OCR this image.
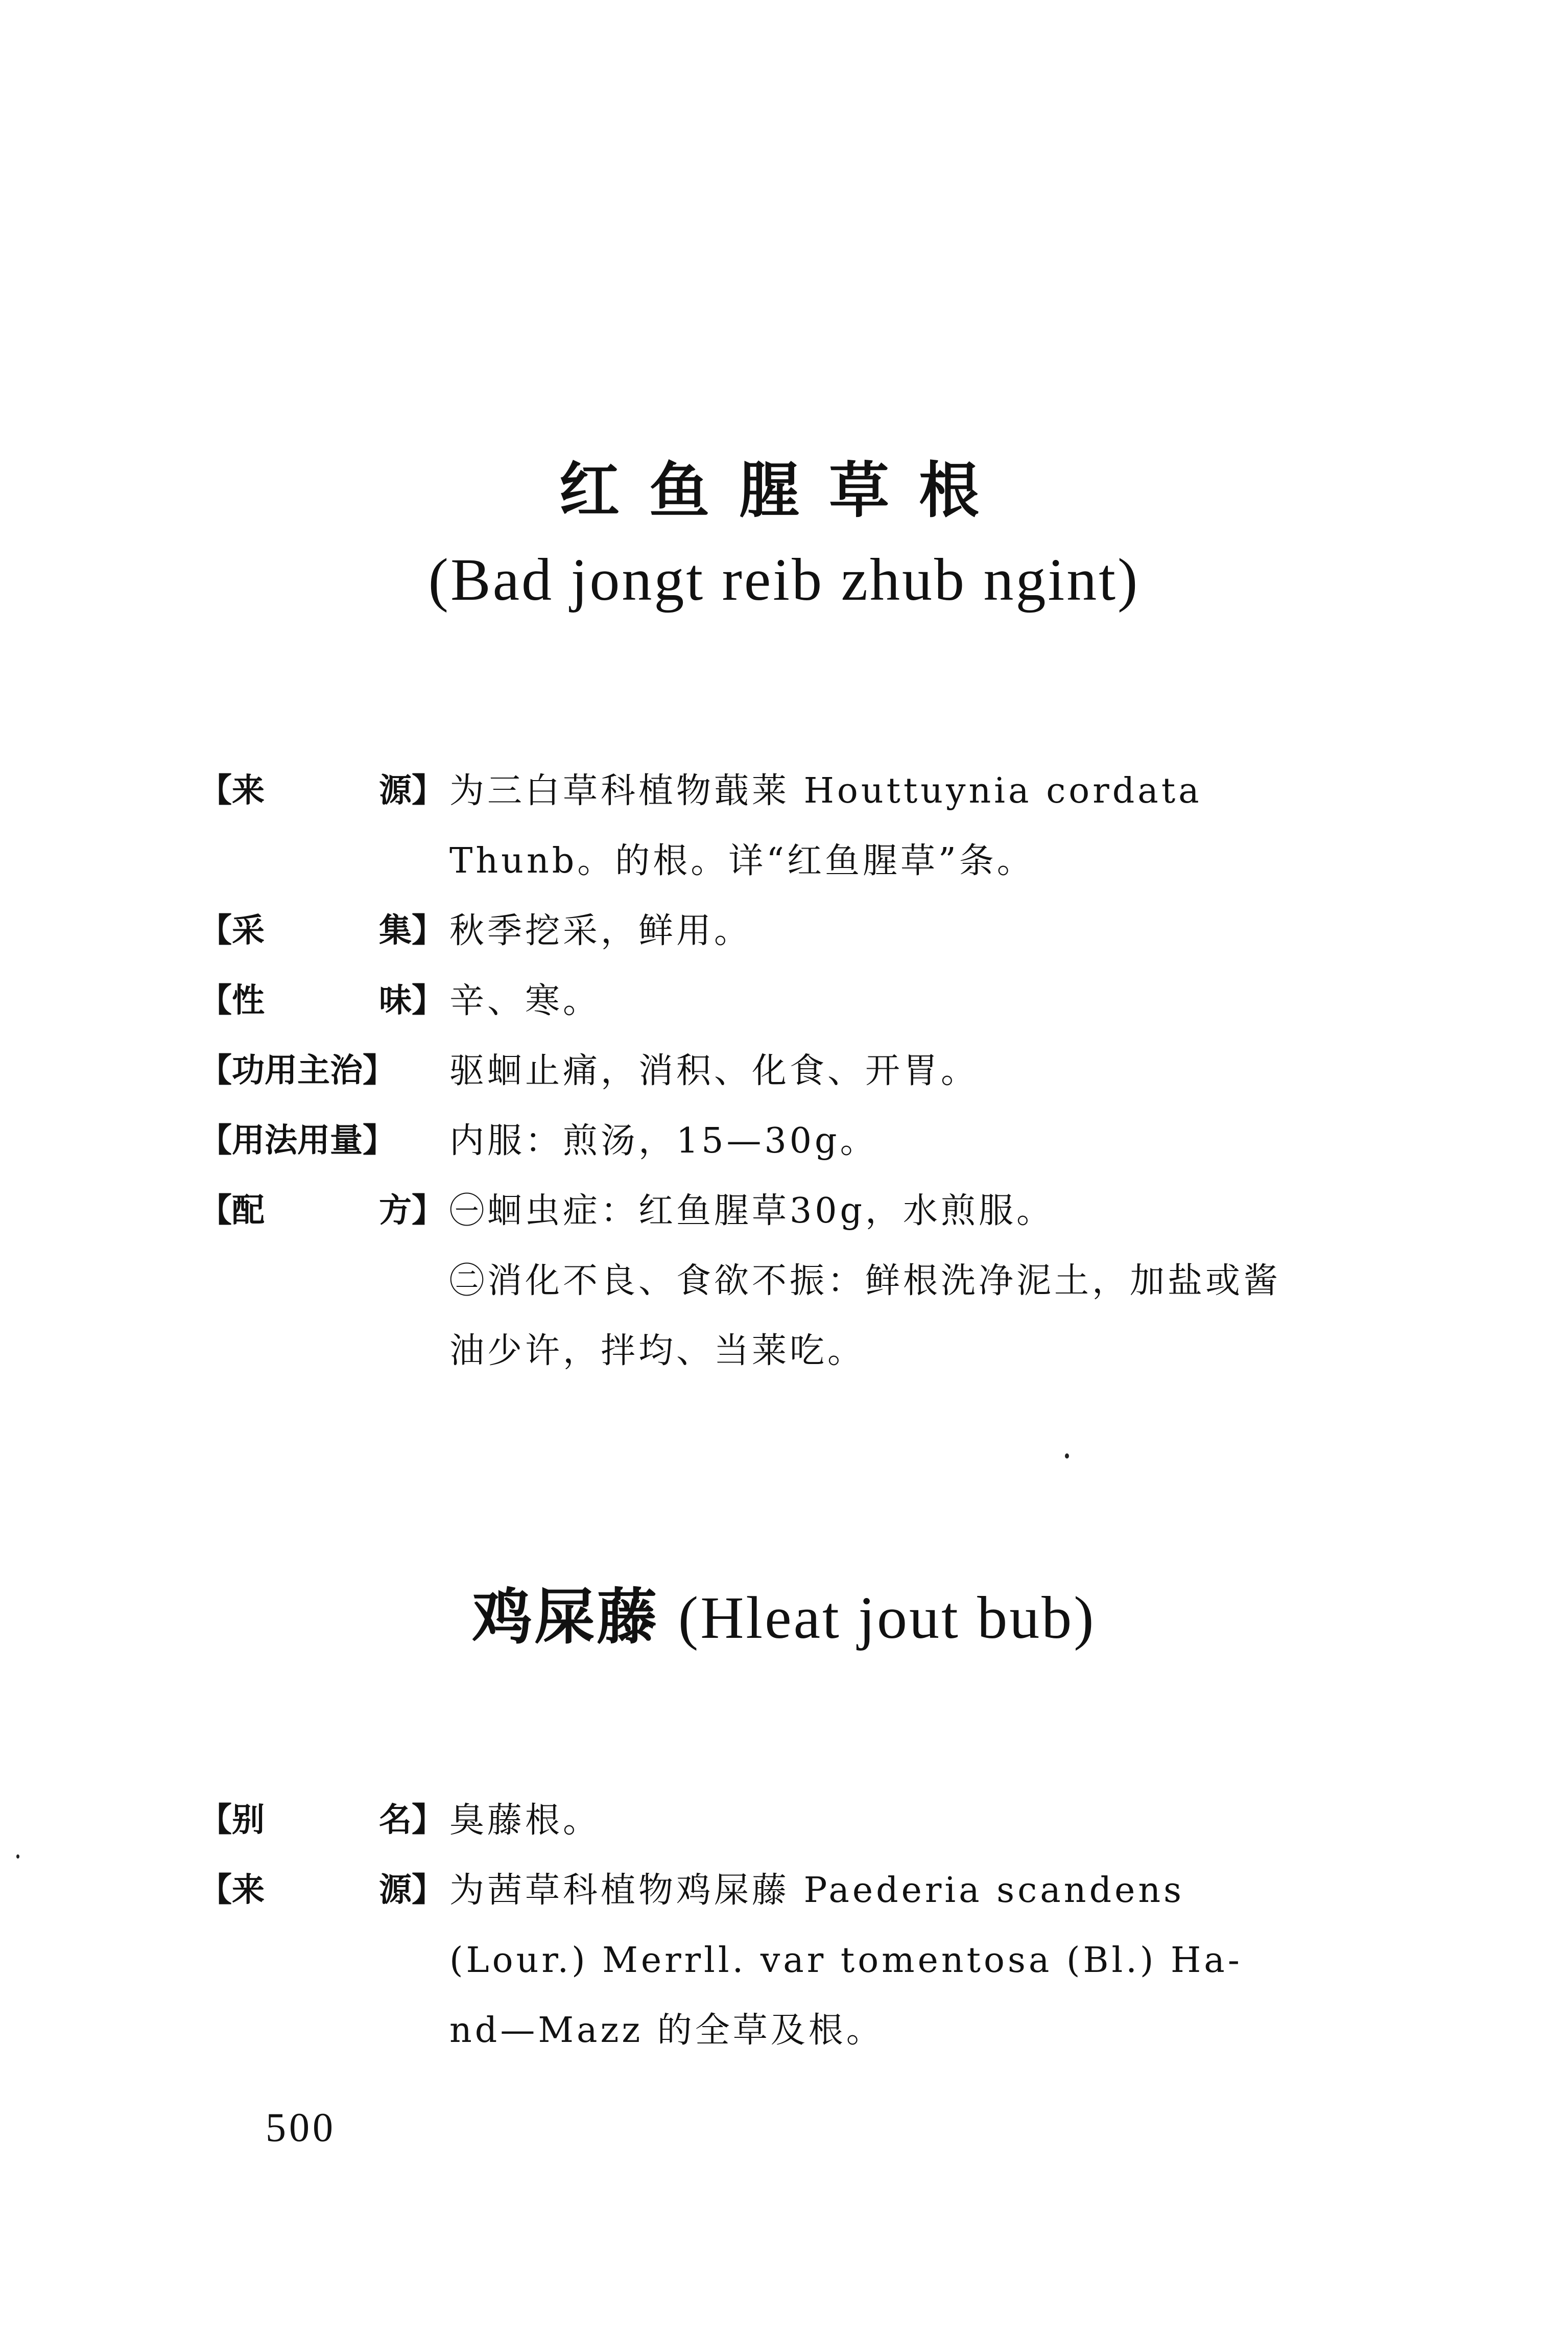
红鱼腥草根
(Bad jongt reib zhub ngint)
【来	源】 为三白草科植物蕺莱 Houttuynia cordata
Thunb。的根。详“红鱼腥草”条。
【采	集】 秋季挖采，鲜用。
【性	味】 辛、寒。
【功用主治】 驱蛔止痛，消积、化食、开胃。
【用法用量】 内服：煎汤，15—30g。
【配	方】 ㊀蛔虫症：红鱼腥草30g，水煎服。
㊁消化不良、食欲不振：鲜根洗净泥土，加盐或酱
油少许，拌均、当莱吃。
鸡屎藤 (Hleat jout bub)
【别	名】 臭藤根。
【来	源】 为茜草科植物鸡屎藤 Paederia scandens
(Lour.) Merrll. var tomentosa (Bl.) Ha-
nd—Mazz 的全草及根。
500
